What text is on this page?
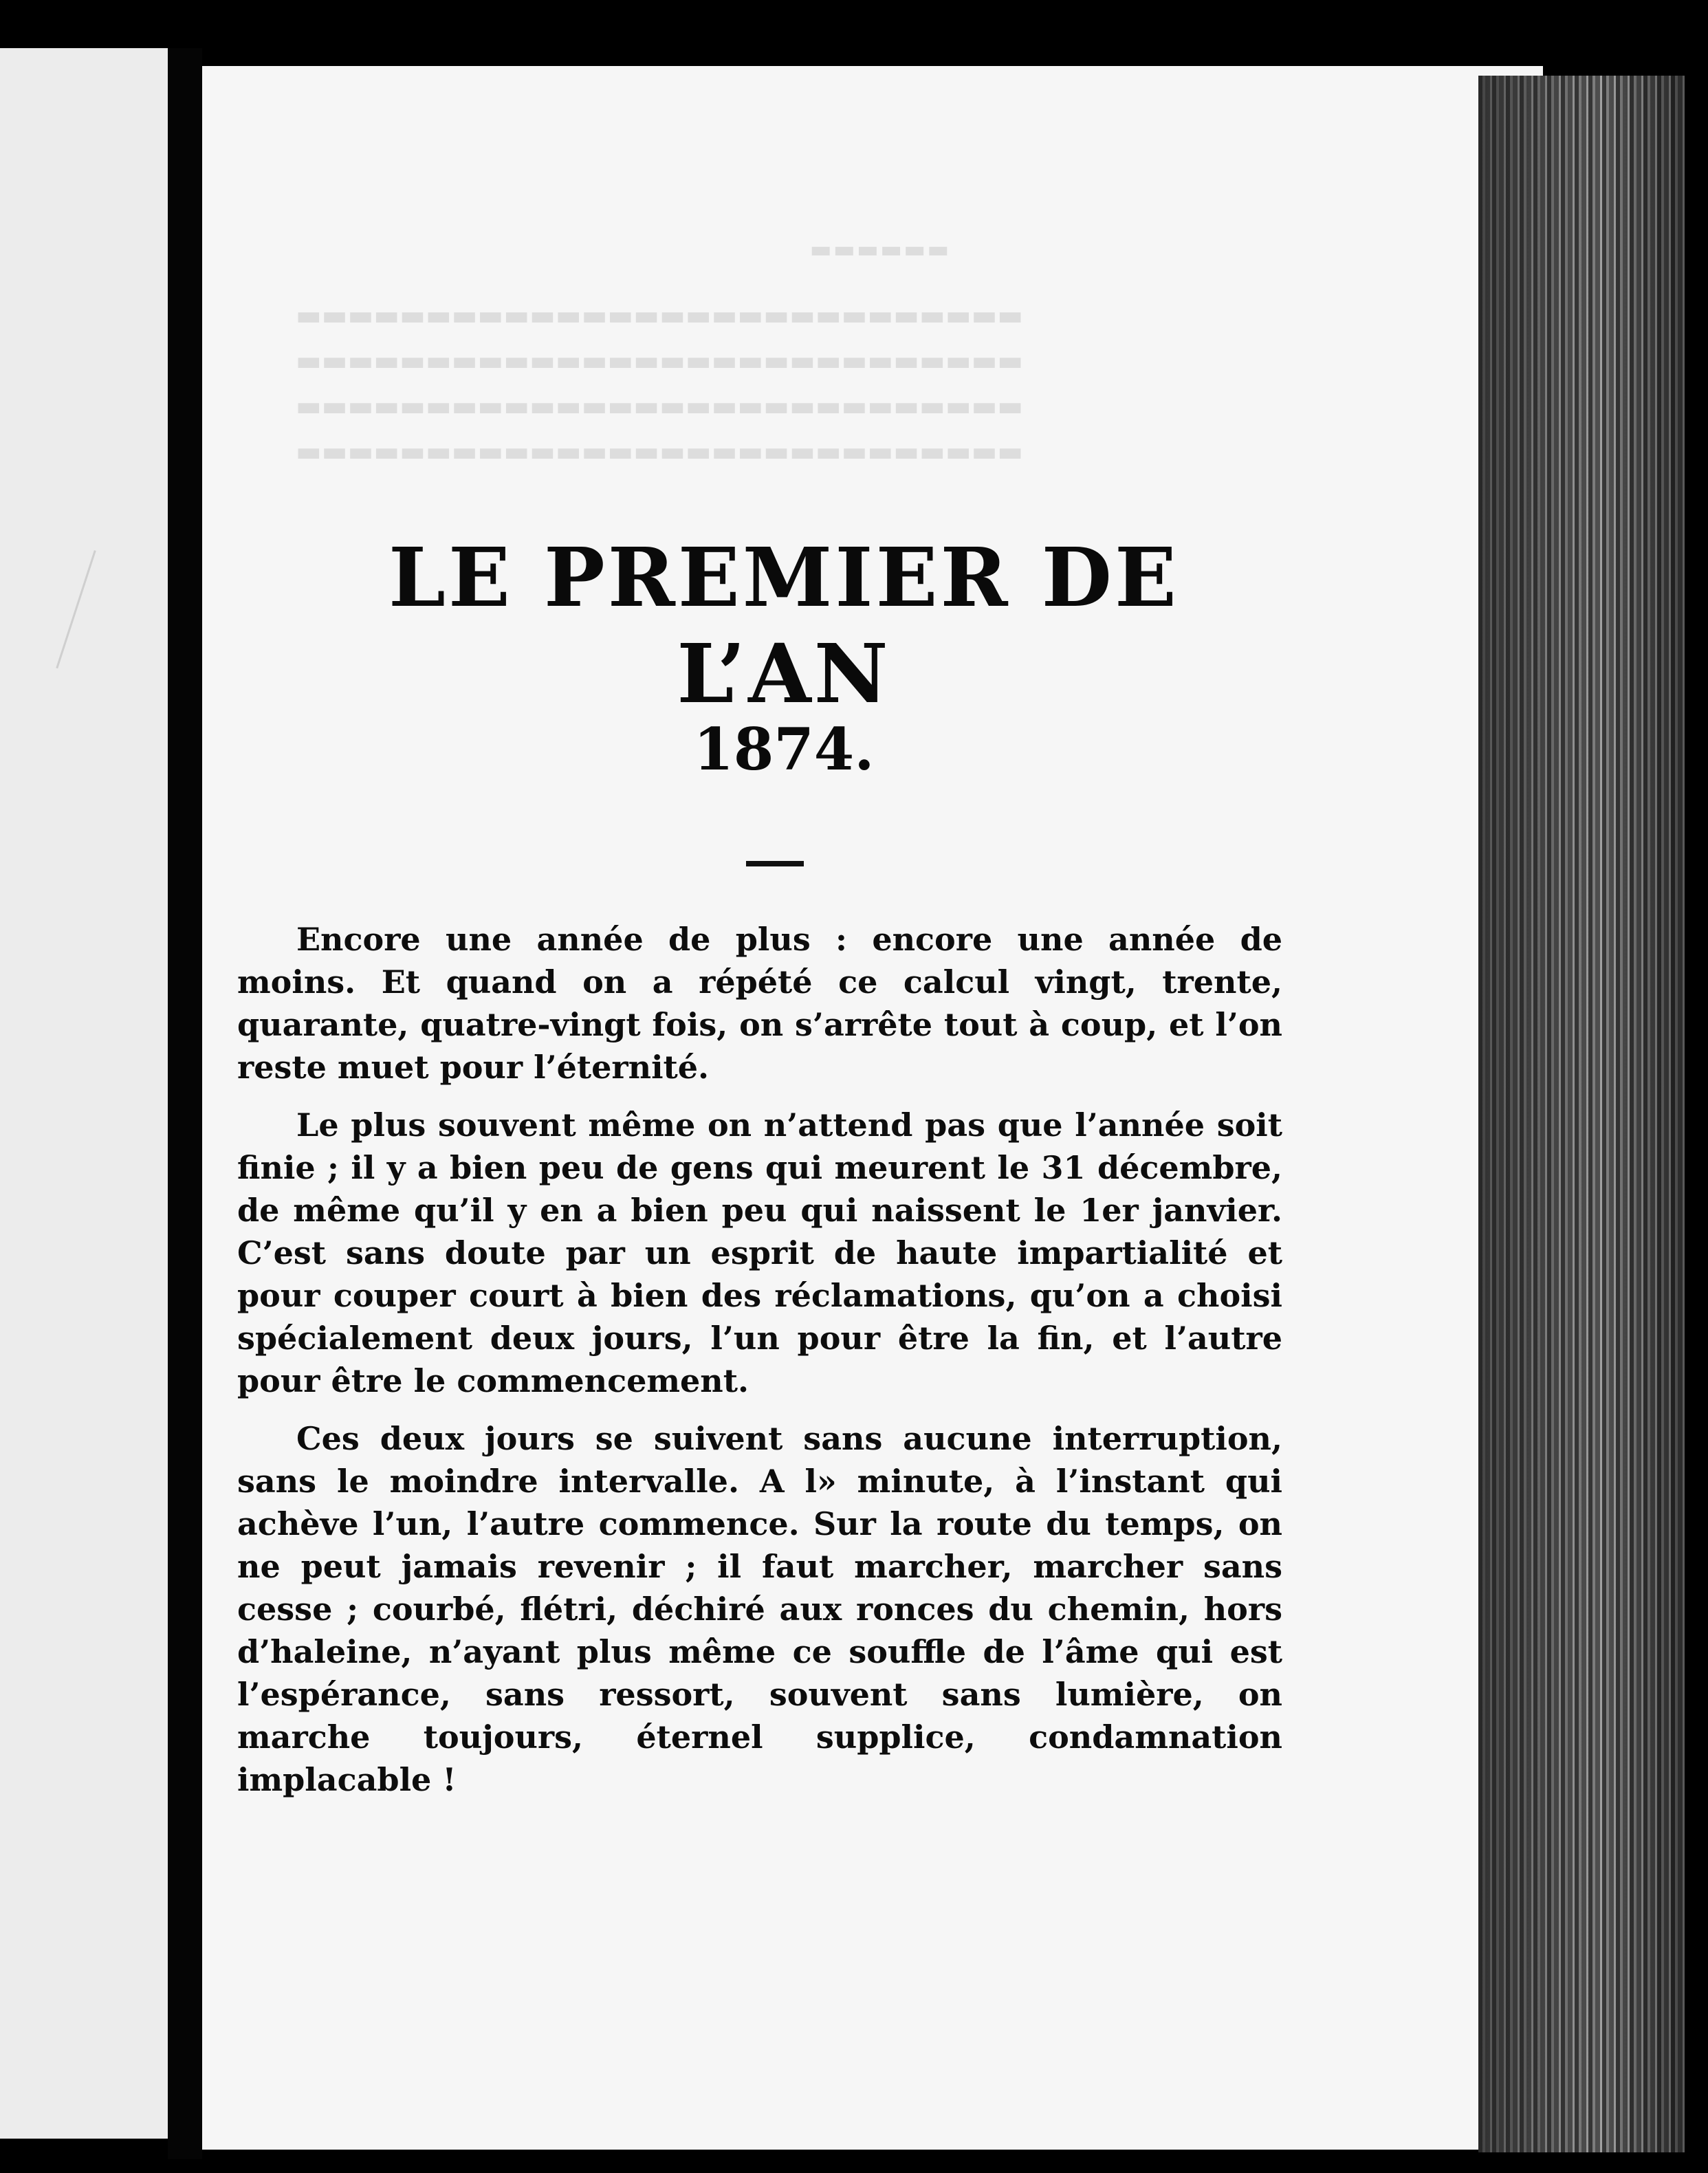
LE PREMIER DE L’AN
1874.

Encore une année de plus : encore une année de moins. Et quand on a répété ce calcul vingt, trente, quarante, quatre-vingt fois, on s’arrête tout à coup, et l’on reste muet pour l’éternité.

Le plus souvent même on n’attend pas que l’année soit finie ; il y a bien peu de gens qui meurent le 31 décembre, de même qu’il y en a bien peu qui naissent le 1er janvier. C’est sans doute par un esprit de haute impartialité et pour couper court à bien des réclamations, qu’on a choisi spécialement deux jours, l’un pour être la fin, et l’autre pour être le commencement.

Ces deux jours se suivent sans aucune interruption, sans le moindre intervalle. A l» minute, à l’instant qui achève l’un, l’autre commence. Sur la route du temps, on ne peut jamais revenir ; il faut marcher, marcher sans cesse ; courbé, flétri, déchiré aux ronces du chemin, hors d’haleine, n’ayant plus même ce souffle de l’âme qui est l’espérance, sans ressort, souvent sans lumière, on marche toujours, éternel supplice, condamnation implacable !
